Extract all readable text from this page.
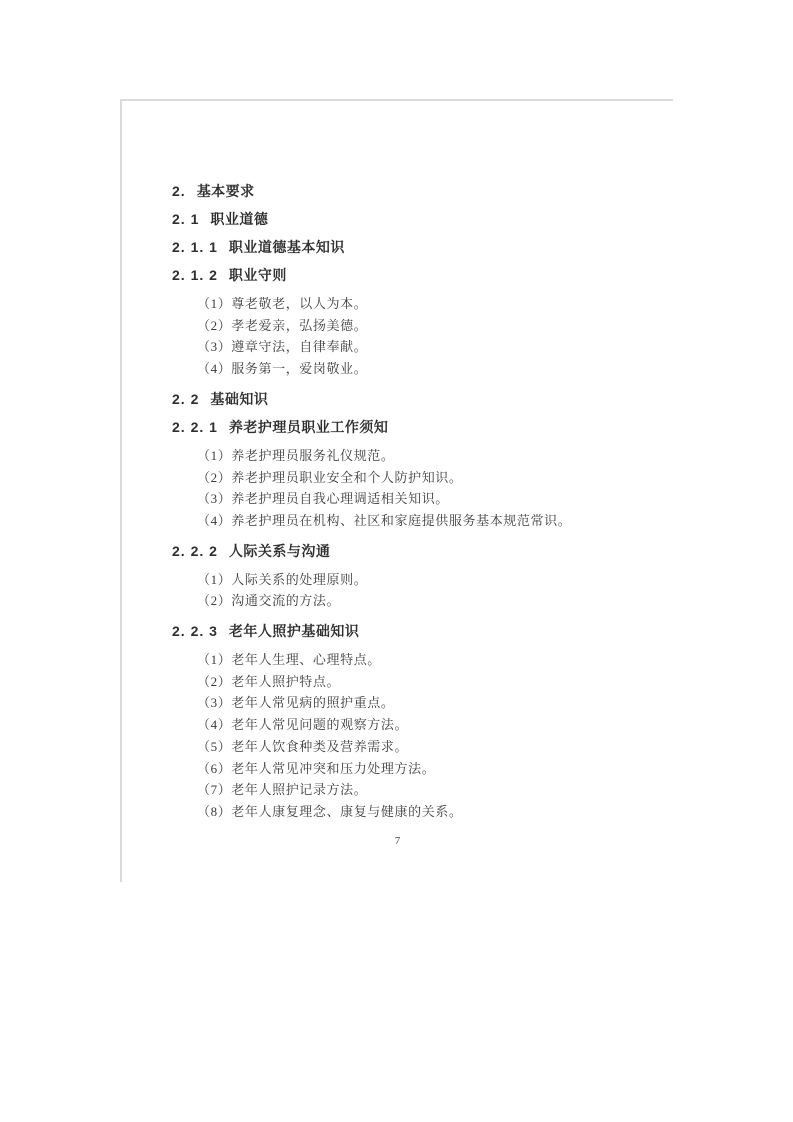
2. 基本要求
2. 1 职业道德
2. 1. 1 职业道德基本知识
2. 1. 2 职业守则
（1）尊老敬老，以人为本。
（2）孝老爱亲，弘扬美德。
（3）遵章守法，自律奉献。
（4）服务第一，爱岗敬业。
2. 2 基础知识
2. 2. 1 养老护理员职业工作须知
（1）养老护理员服务礼仪规范。
（2）养老护理员职业安全和个人防护知识。
（3）养老护理员自我心理调适相关知识。
（4）养老护理员在机构、社区和家庭提供服务基本规范常识。
2. 2. 2 人际关系与沟通
（1）人际关系的处理原则。
（2）沟通交流的方法。
2. 2. 3 老年人照护基础知识
（1）老年人生理、心理特点。
（2）老年人照护特点。
（3）老年人常见病的照护重点。
（4）老年人常见问题的观察方法。
（5）老年人饮食种类及营养需求。
（6）老年人常见冲突和压力处理方法。
（7）老年人照护记录方法。
（8）老年人康复理念、康复与健康的关系。
7
